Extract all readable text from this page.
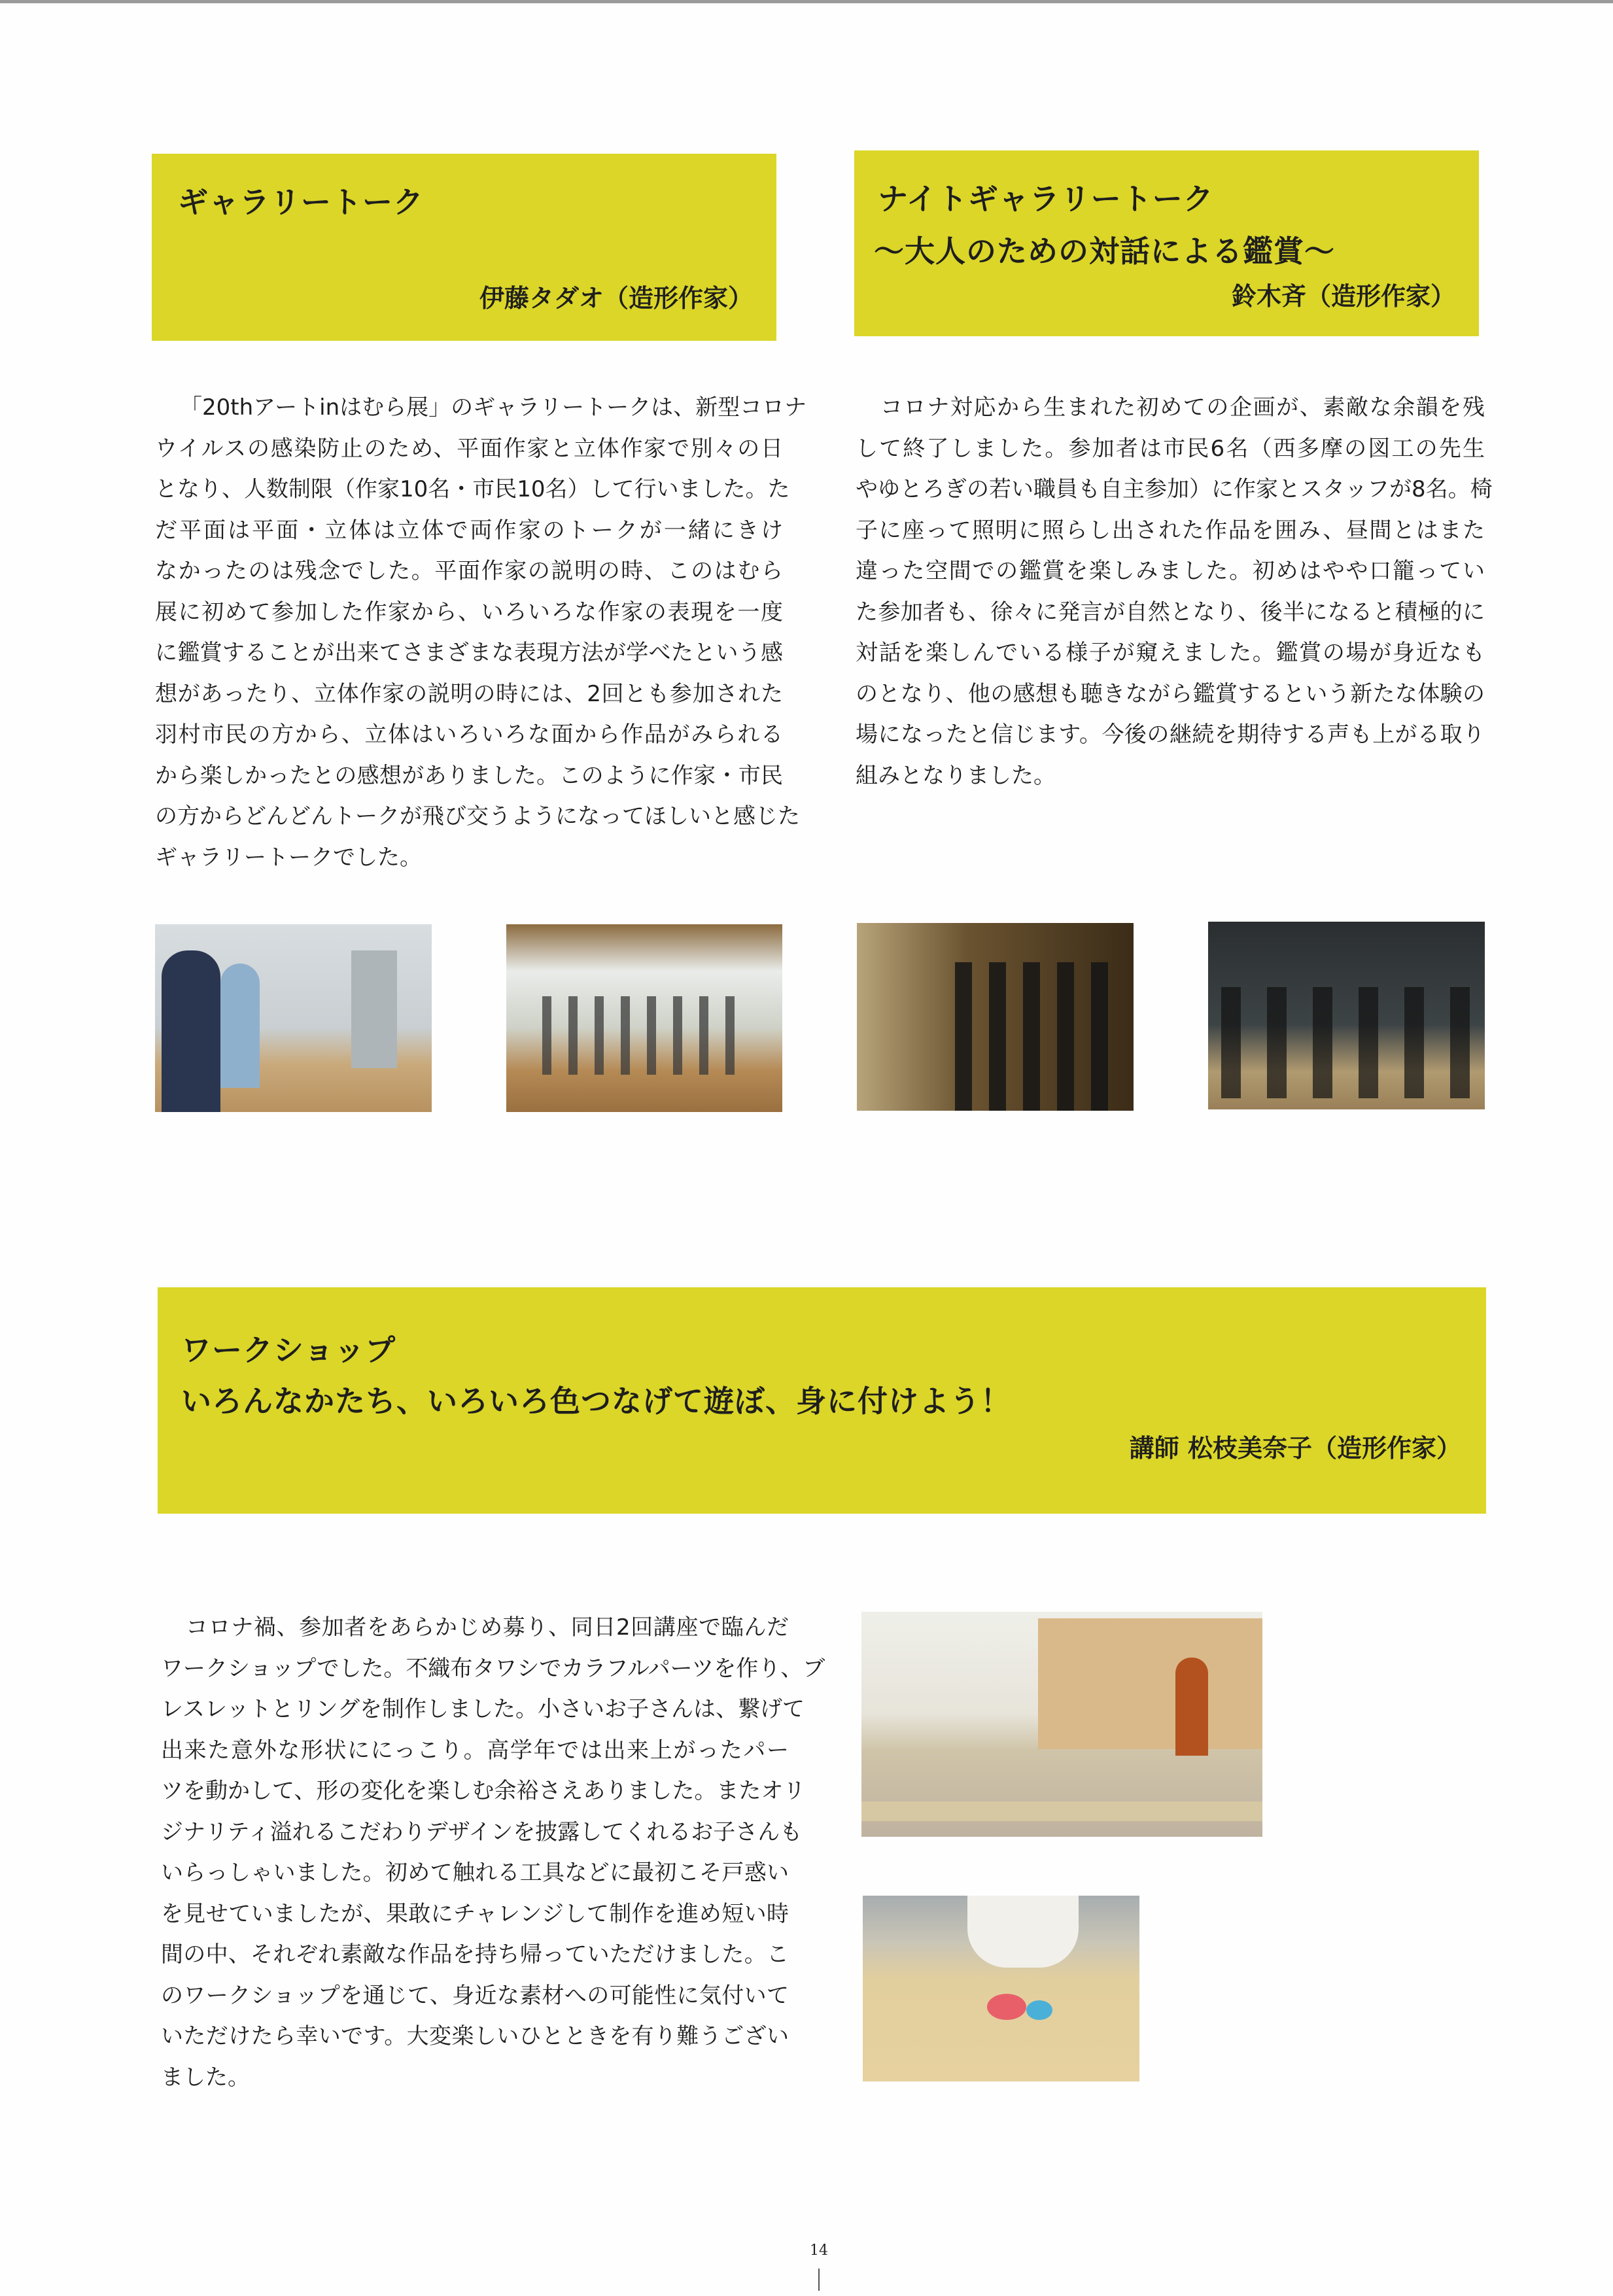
ギャラリートーク
伊藤タダオ（造形作家）
ナイトギャラリートーク
～大人のための対話による鑑賞～
鈴木斉（造形作家）
「20thアートinはむら展」のギャラリートークは、新型コロナ
ウイルスの感染防止のため、平面作家と立体作家で別々の日
となり、人数制限（作家10名・市民10名）して行いました。た
だ平面は平面・立体は立体で両作家のトークが一緒にきけ
なかったのは残念でした。平面作家の説明の時、このはむら
展に初めて参加した作家から、いろいろな作家の表現を一度
に鑑賞することが出来てさまざまな表現方法が学べたという感
想があったり、立体作家の説明の時には、2回とも参加された
羽村市民の方から、立体はいろいろな面から作品がみられる
から楽しかったとの感想がありました。このように作家・市民
の方からどんどんトークが飛び交うようになってほしいと感じた
ギャラリートークでした。
コロナ対応から生まれた初めての企画が、素敵な余韻を残
して終了しました。参加者は市民6名（西多摩の図工の先生
やゆとろぎの若い職員も自主参加）に作家とスタッフが8名。椅
子に座って照明に照らし出された作品を囲み、昼間とはまた
違った空間での鑑賞を楽しみました。初めはやや口籠ってい
た参加者も、徐々に発言が自然となり、後半になると積極的に
対話を楽しんでいる様子が窺えました。鑑賞の場が身近なも
のとなり、他の感想も聴きながら鑑賞するという新たな体験の
場になったと信じます。今後の継続を期待する声も上がる取り
組みとなりました。
ワークショップ
いろんなかたち、いろいろ色つなげて遊ぼ、身に付けよう！
講師 松枝美奈子（造形作家）
コロナ禍、参加者をあらかじめ募り、同日2回講座で臨んだ
ワークショップでした。不織布タワシでカラフルパーツを作り、ブ
レスレットとリングを制作しました。小さいお子さんは、繋げて
出来た意外な形状ににっこり。高学年では出来上がったパー
ツを動かして、形の変化を楽しむ余裕さえありました。またオリ
ジナリティ溢れるこだわりデザインを披露してくれるお子さんも
いらっしゃいました。初めて触れる工具などに最初こそ戸惑い
を見せていましたが、果敢にチャレンジして制作を進め短い時
間の中、それぞれ素敵な作品を持ち帰っていただけました。こ
のワークショップを通じて、身近な素材への可能性に気付いて
いただけたら幸いです。大変楽しいひとときを有り難うござい
ました。
14
